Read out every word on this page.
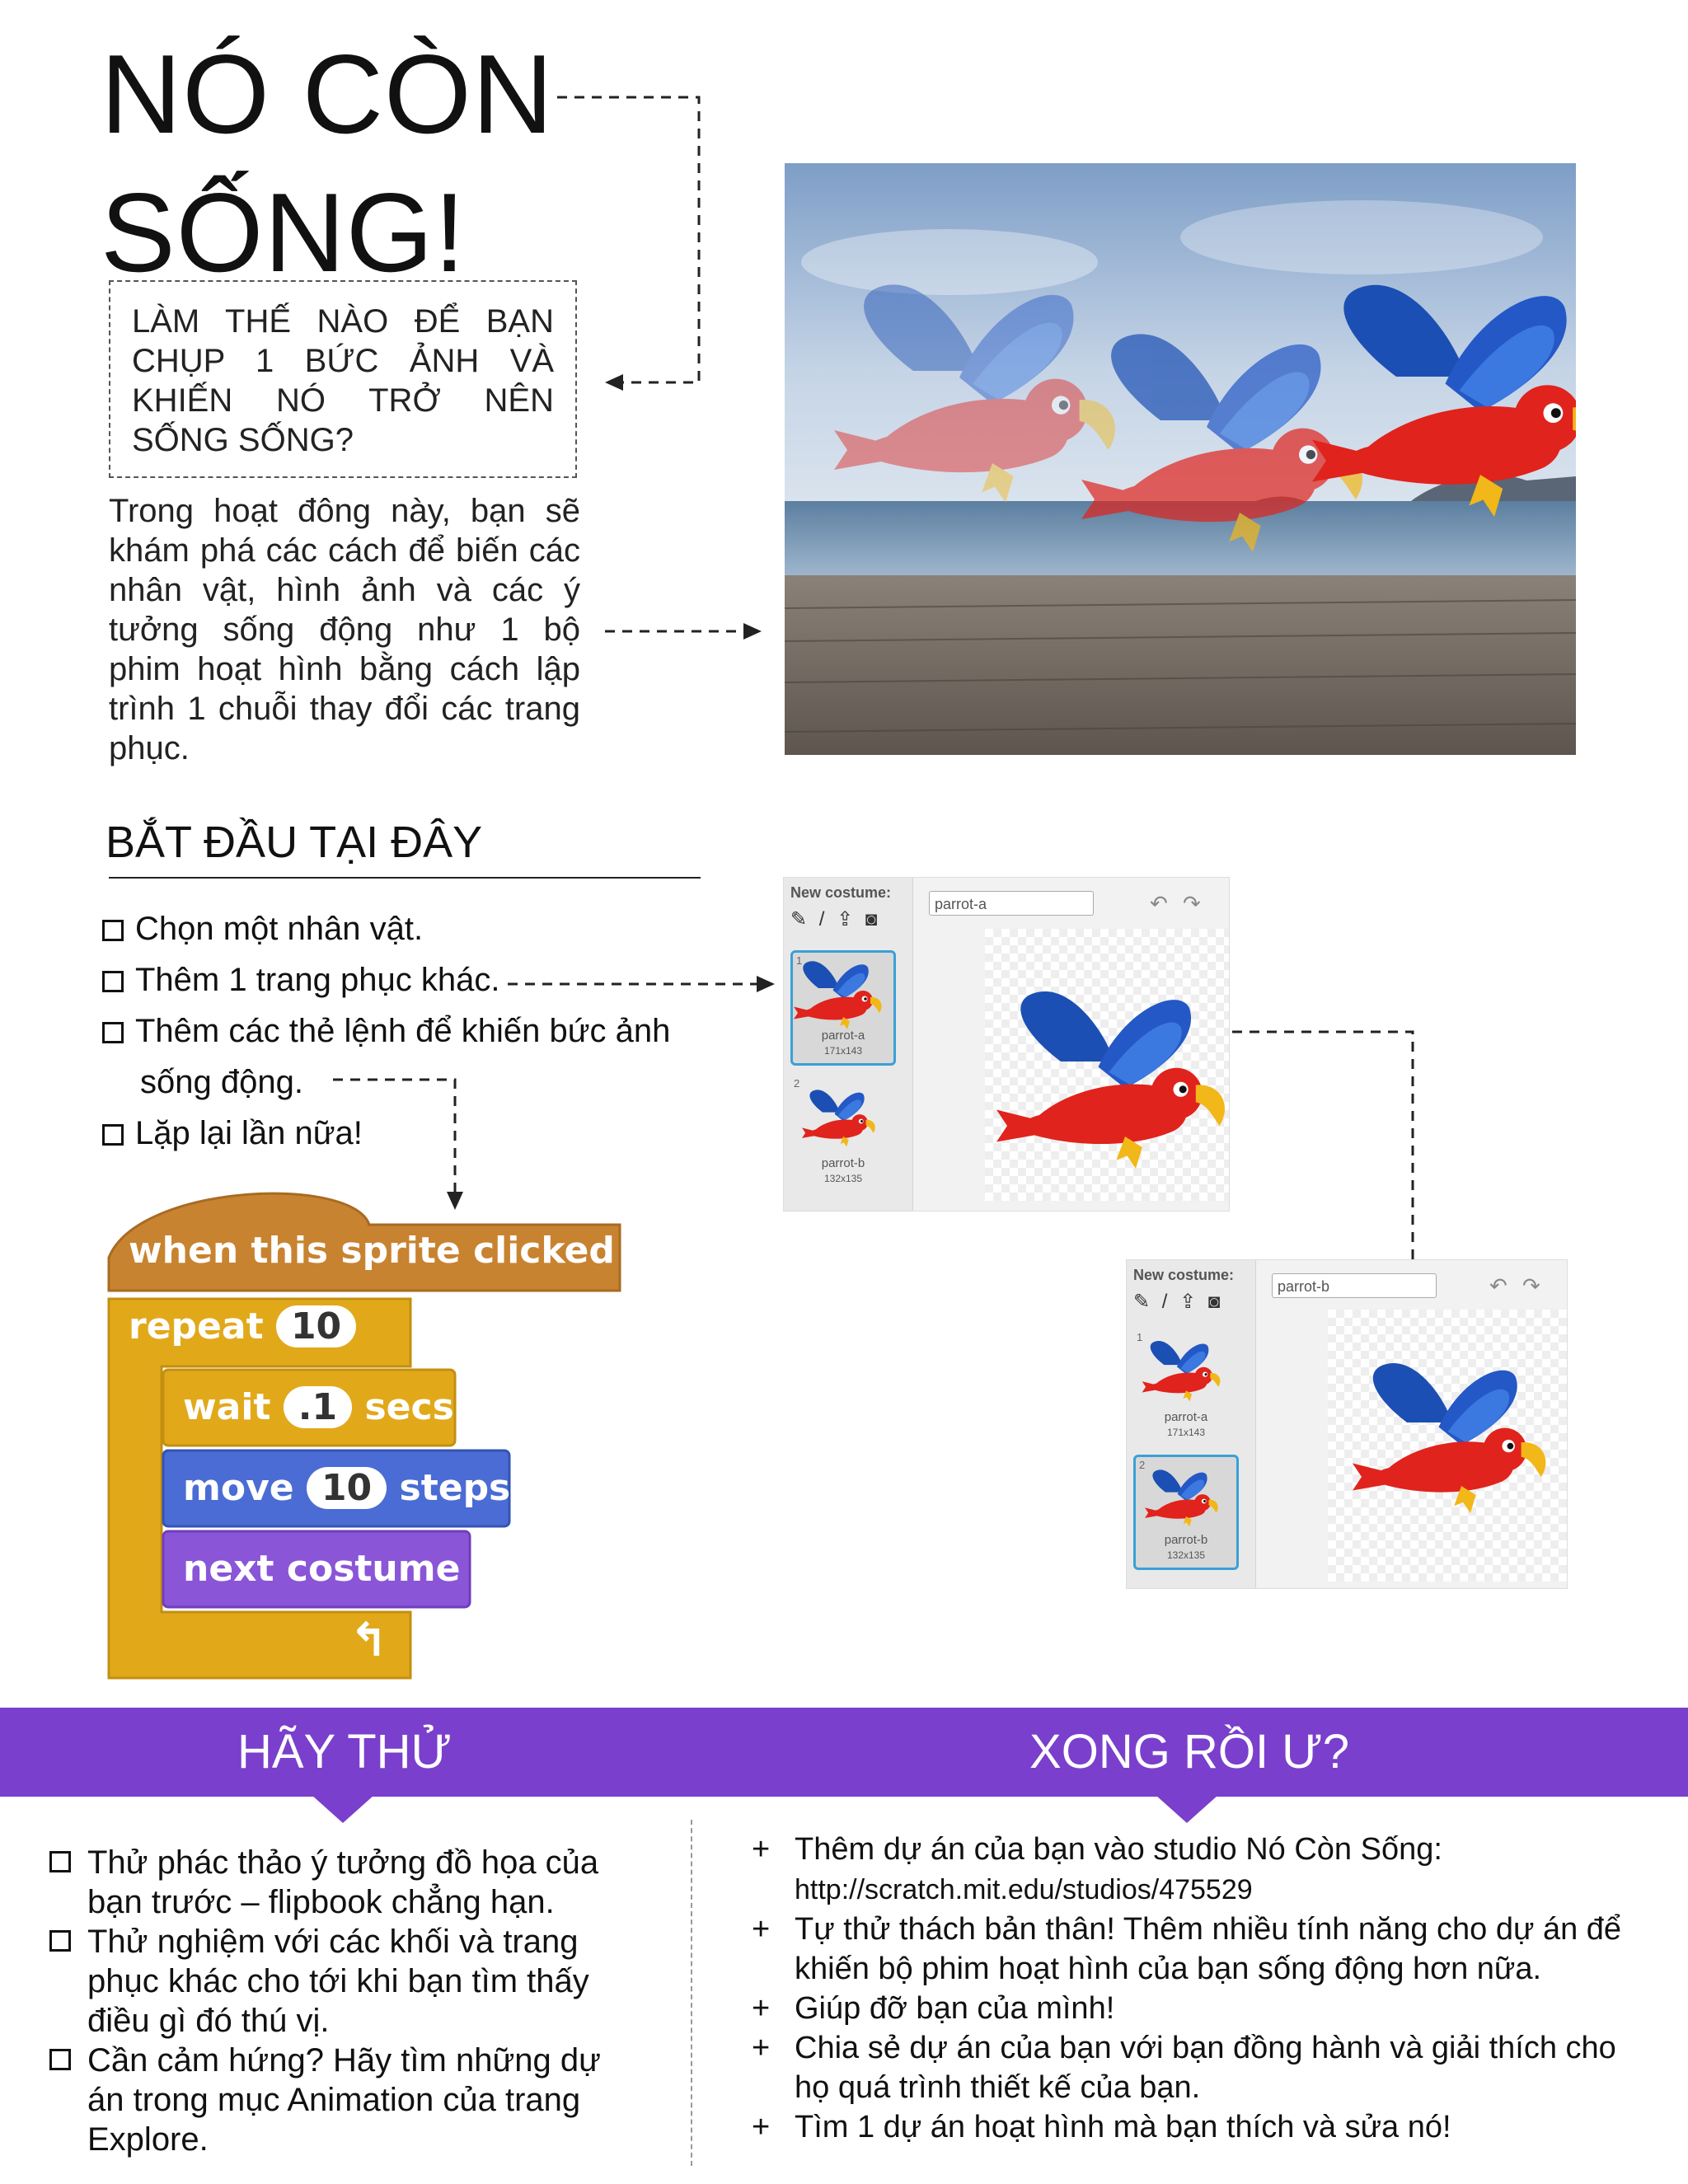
NÓ CÒN
SỐNG!
LÀM THẾ NÀO ĐỂ BẠN CHỤP 1 BỨC ẢNH VÀ KHIẾN NÓ TRỞ NÊN SỐNG SỐNG?
Trong hoạt đông này, bạn sẽ khám phá các cách để biến các nhân vật, hình ảnh và các ý tưởng sống động như 1 bộ phim hoạt hình bằng cách lập trình 1 chuỗi thay đổi các trang phục.
BẮT ĐẦU TẠI ĐÂY
Chọn một nhân vật.
Thêm 1 trang phục khác.
Thêm các thẻ lệnh để khiến bức ảnh
sống động.
Lặp lại lần nữa!
when this sprite clicked
repeat 10
wait .1 secs
move 10 steps
next costume
↰
New costume:
✎ / ⇪ ◙
parrot-a	↶ ↷
1
parrot-a
171x143
2
parrot-b
132x135
New costume:
✎ / ⇪ ◙
parrot-b	↶ ↷
1
parrot-a
171x143
2
parrot-b
132x135
HÃY THỬ	XONG RỒI Ư?
Thử phác thảo ý tưởng đồ họa của bạn trước – flipbook chẳng hạn.
Thử nghiệm với các khối và trang phục khác cho tới khi bạn tìm thấy điều gì đó thú vị.
Cần cảm hứng? Hãy tìm những dự án trong mục Animation của trang Explore.
+ Thêm dự án của bạn vào studio Nó Còn Sống:
http://scratch.mit.edu/studios/475529
+ Tự thử thách bản thân! Thêm nhiều tính năng cho dự án để khiến bộ phim hoạt hình của bạn sống động hơn nữa.
+ Giúp đỡ bạn của mình!
+ Chia sẻ dự án của bạn với bạn đồng hành và giải thích cho họ quá trình thiết kế của bạn.
+ Tìm 1 dự án hoạt hình mà bạn thích và sửa nó!
